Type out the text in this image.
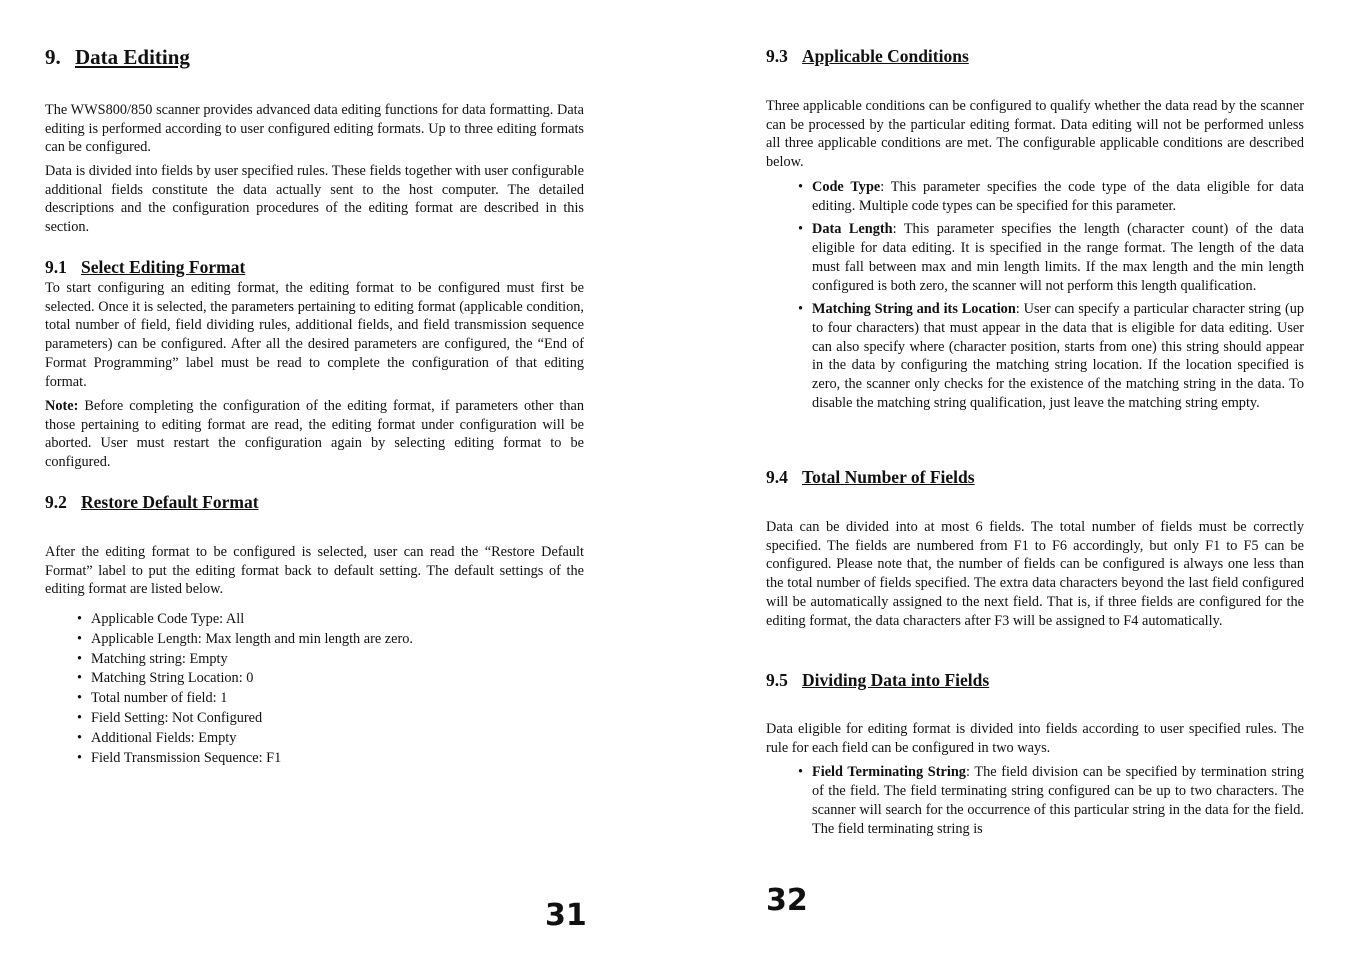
9. Data Editing

The WWS800/850 scanner provides advanced data editing functions for data formatting. Data editing is performed according to user configured editing formats. Up to three editing formats can be configured.

Data is divided into fields by user specified rules. These fields together with user configurable additional fields constitute the data actually sent to the host computer. The detailed descriptions and the configuration procedures of the editing format are described in this section.

9.1 Select Editing Format

To start configuring an editing format, the editing format to be configured must first be selected. Once it is selected, the parameters pertaining to editing format (applicable condition, total number of field, field dividing rules, additional fields, and field transmission sequence parameters) can be configured. After all the desired parameters are configured, the “End of Format Programming” label must be read to complete the configuration of that editing format.

Note: Before completing the configuration of the editing format, if parameters other than those pertaining to editing format are read, the editing format under configuration will be aborted. User must restart the configuration again by selecting editing format to be configured.

9.2 Restore Default Format

After the editing format to be configured is selected, user can read the “Restore Default Format” label to put the editing format back to default setting. The default settings of the editing format are listed below.

• Applicable Code Type: All
• Applicable Length: Max length and min length are zero.
• Matching string: Empty
• Matching String Location: 0
• Total number of field: 1
• Field Setting: Not Configured
• Additional Fields: Empty
• Field Transmission Sequence: F1
31
9.3 Applicable Conditions

Three applicable conditions can be configured to qualify whether the data read by the scanner can be processed by the particular editing format. Data editing will not be performed unless all three applicable conditions are met. The configurable applicable conditions are described below.

• Code Type: This parameter specifies the code type of the data eligible for data editing. Multiple code types can be specified for this parameter.
• Data Length: This parameter specifies the length (character count) of the data eligible for data editing. It is specified in the range format. The length of the data must fall between max and min length limits. If the max length and the min length configured is both zero, the scanner will not perform this length qualification.
• Matching String and its Location: User can specify a particular character string (up to four characters) that must appear in the data that is eligible for data editing. User can also specify where (character position, starts from one) this string should appear in the data by configuring the matching string location. If the location specified is zero, the scanner only checks for the existence of the matching string in the data. To disable the matching string qualification, just leave the matching string empty.
9.4 Total Number of Fields

Data can be divided into at most 6 fields. The total number of fields must be correctly specified. The fields are numbered from F1 to F6 accordingly, but only F1 to F5 can be configured. Please note that, the number of fields can be configured is always one less than the total number of fields specified. The extra data characters beyond the last field configured will be automatically assigned to the next field. That is, if three fields are configured for the editing format, the data characters after F3 will be assigned to F4 automatically.

9.5 Dividing Data into Fields

Data eligible for editing format is divided into fields according to user specified rules. The rule for each field can be configured in two ways.

• Field Terminating String: The field division can be specified by termination string of the field. The field terminating string configured can be up to two characters. The scanner will search for the occurrence of this particular string in the data for the field. The field terminating string is
32
